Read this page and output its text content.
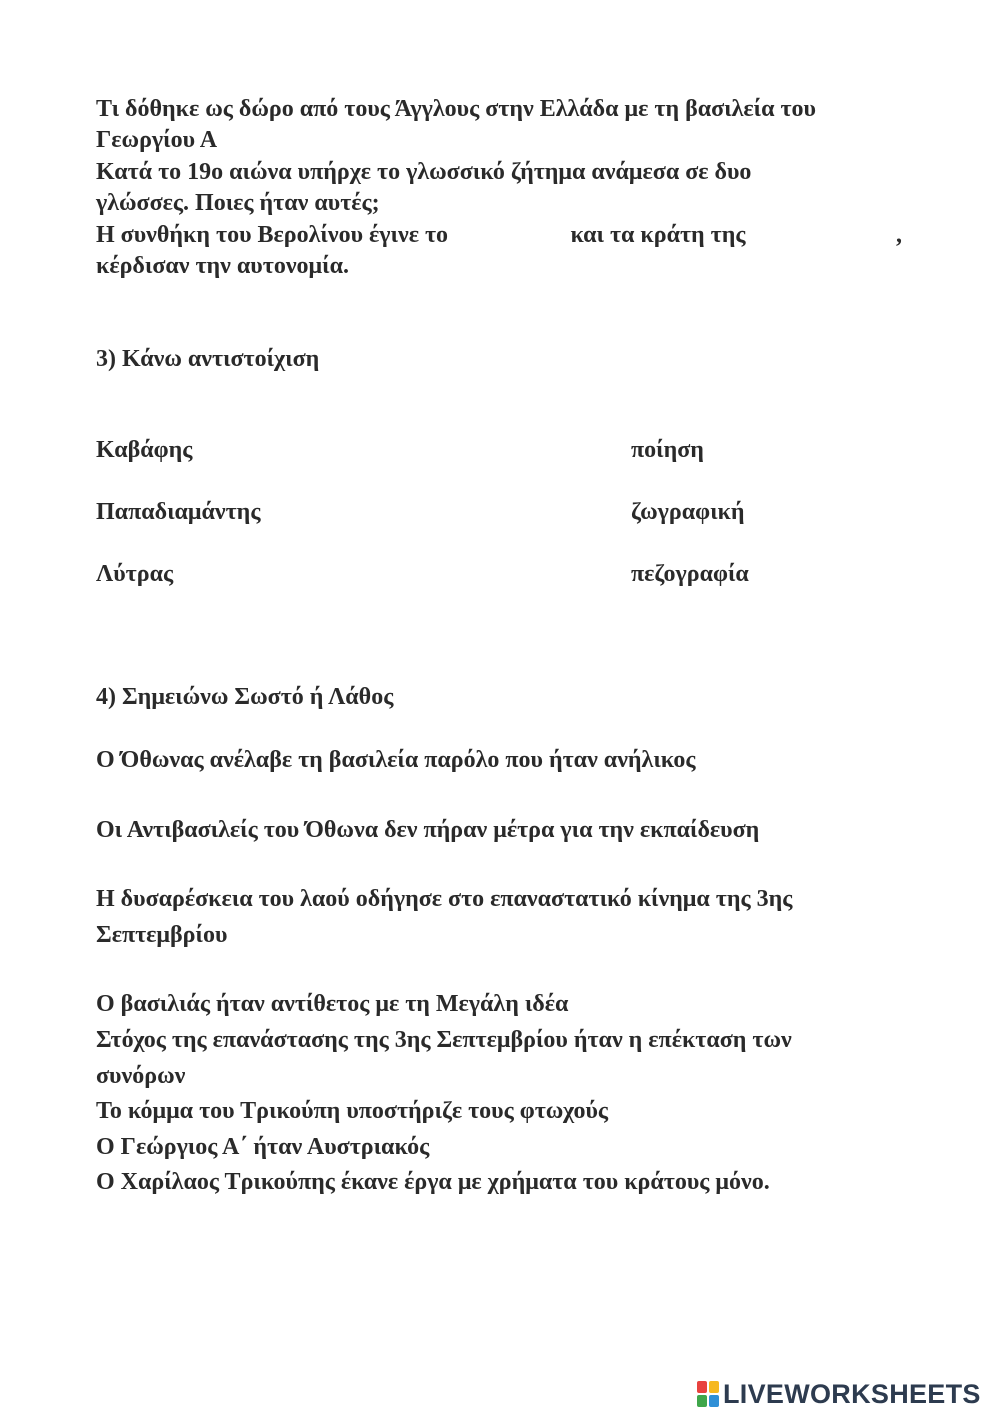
Τι δόθηκε ως δώρο από τους Άγγλους στην Ελλάδα με τη βασιλεία του
Γεωργίου Α
Κατά το 19ο αιώνα υπήρχε το γλωσσικό ζήτημα ανάμεσα σε δυο
γλώσσες. Ποιες ήταν αυτές;
Η συνθήκη του Βερολίνου έγινε το	και τα κράτη της	,
κέρδισαν την αυτονομία.
3) Κάνω αντιστοίχιση
Καβάφης
Παπαδιαμάντης
Λύτρας
ποίηση
ζωγραφική
πεζογραφία
4) Σημειώνω Σωστό ή Λάθος
Ο Όθωνας ανέλαβε τη βασιλεία παρόλο που ήταν ανήλικος
Οι Αντιβασιλείς του Όθωνα δεν πήραν μέτρα για την εκπαίδευση
Η δυσαρέσκεια του λαού οδήγησε στο επαναστατικό κίνημα της 3ης
Σεπτεμβρίου
Ο βασιλιάς ήταν αντίθετος με τη Μεγάλη ιδέα
Στόχος της επανάστασης της 3ης Σεπτεμβρίου ήταν η επέκταση των
συνόρων
Το κόμμα του Τρικούπη υποστήριζε τους φτωχούς
Ο Γεώργιος Α΄ ήταν Αυστριακός
Ο Χαρίλαος Τρικούπης έκανε έργα με χρήματα του κράτους μόνο.
LIVEWORKSHEETS
